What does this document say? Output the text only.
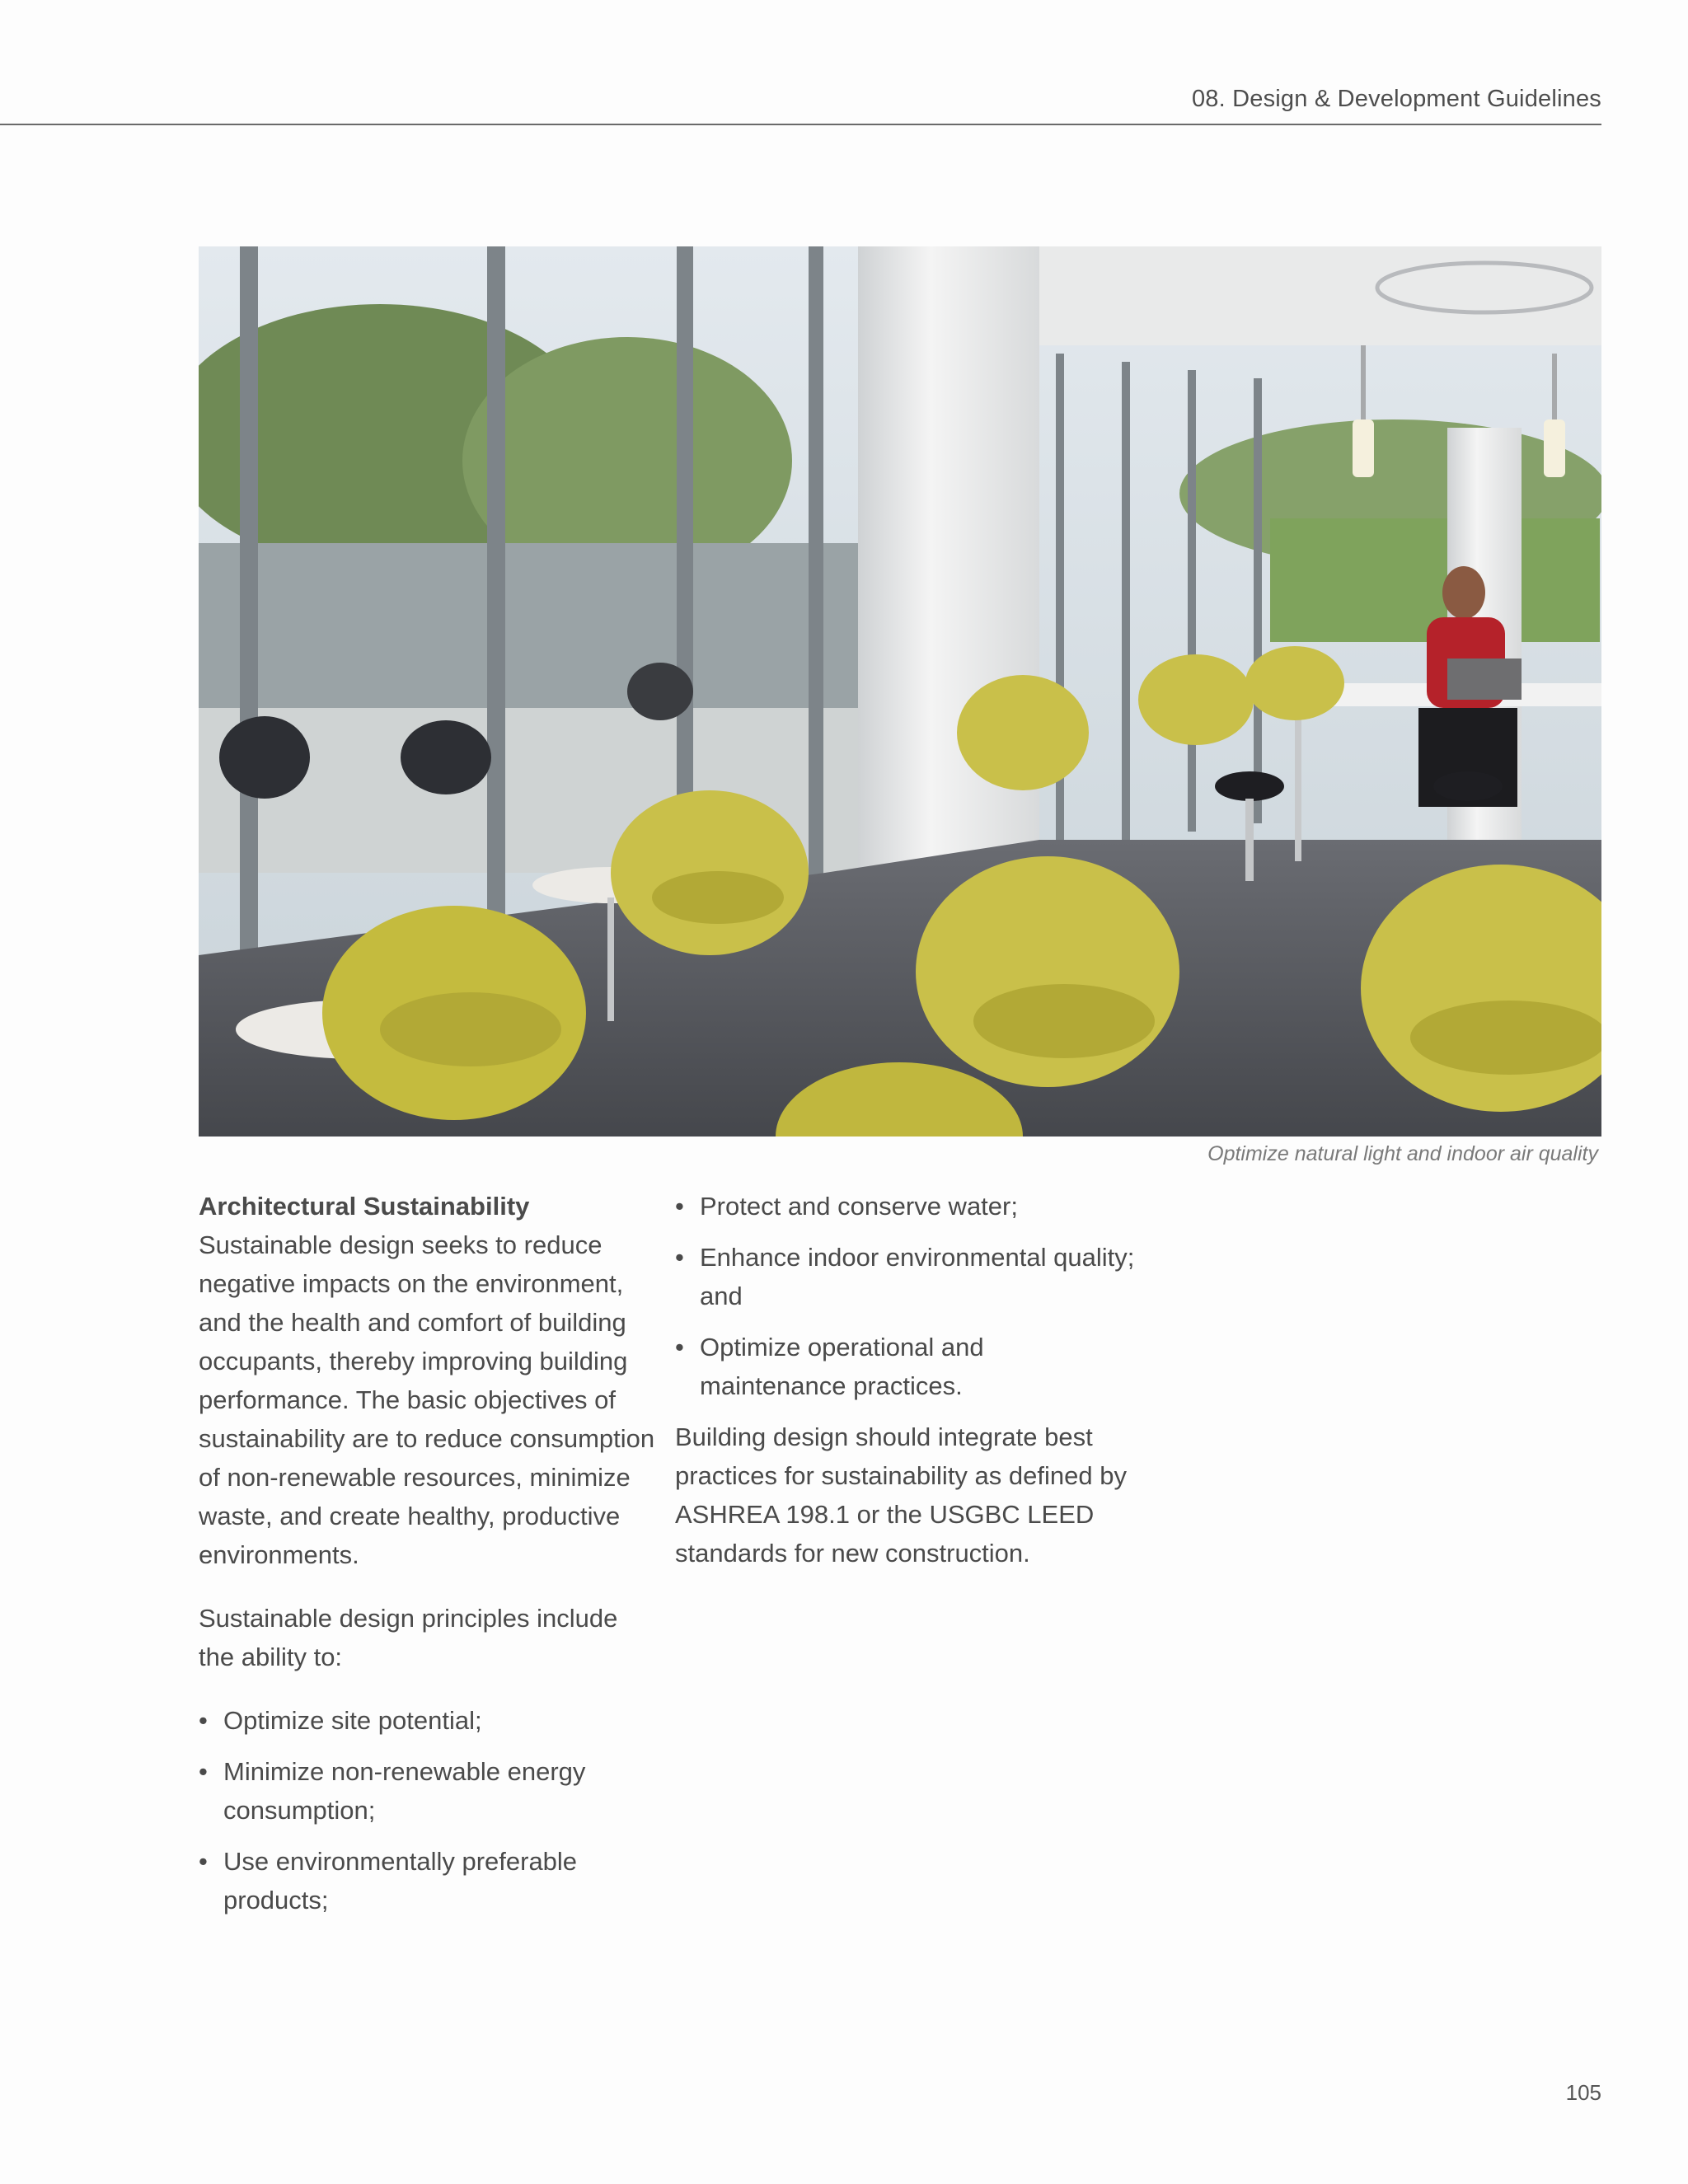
08. Design & Development Guidelines
Optimize natural light and indoor air quality
Architectural Sustainability

Sustainable design seeks to reduce negative impacts on the environment, and the health and comfort of building occupants, thereby improving building performance. The basic objectives of sustainability are to reduce consumption of non-renewable resources, minimize waste, and create healthy, productive environments.

Sustainable design principles include the ability to:

• Optimize site potential;
• Minimize non-renewable energy consumption;
• Use environmentally preferable products;
• Protect and conserve water;
• Enhance indoor environmental quality; and
• Optimize operational and maintenance practices.

Building design should integrate best practices for sustainability as defined by ASHREA 198.1 or the USGBC LEED standards for new construction.

105
